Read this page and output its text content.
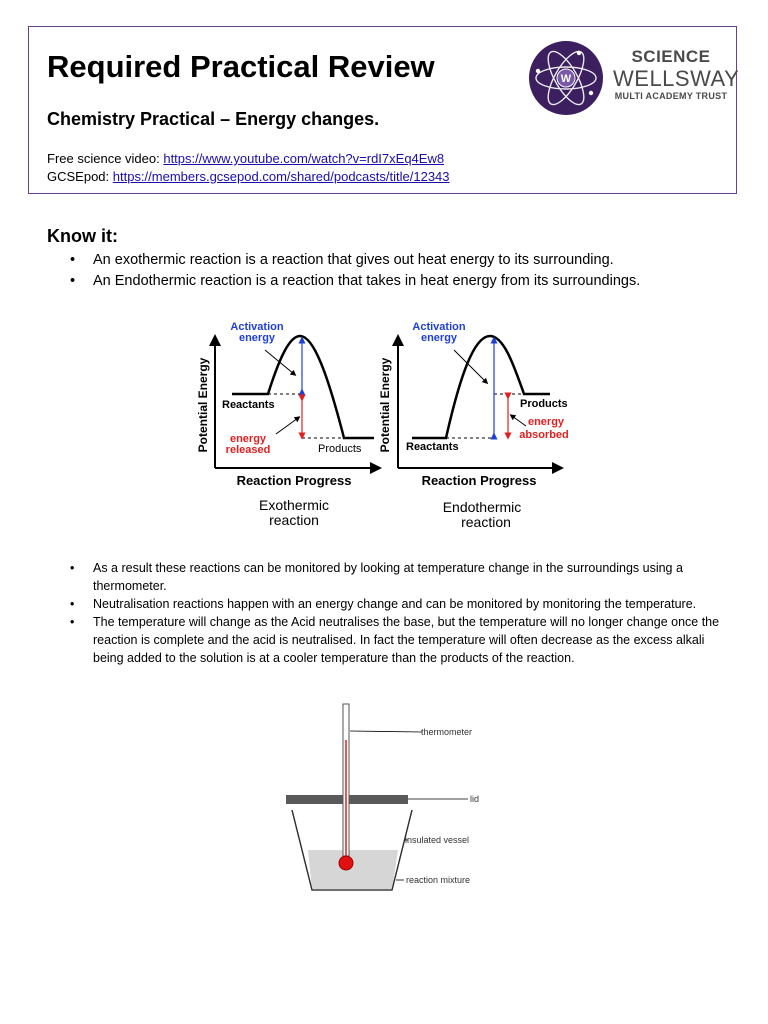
Required Practical Review
Chemistry Practical – Energy changes.
Free science video: https://www.youtube.com/watch?v=rdI7xEq4Ew8
GCSEpod: https://members.gcsepod.com/shared/podcasts/title/12343
W
SCIENCE
WELLSWAY
MULTI ACADEMY TRUST
Know it:
• An exothermic reaction is a reaction that gives out heat energy to its surrounding.
• An Endothermic reaction is a reaction that takes in heat energy from its surroundings.
Activation
energy
Reactants
Products
energy
released
Potential Energy
Reaction Progress
Exothermic
reaction
Activation
energy
Reactants
Products
energy
absorbed
Potential Energy
Reaction Progress
Endothermic
reaction
• As a result these reactions can be monitored by looking at temperature change in the surroundings using a thermometer.
• Neutralisation reactions happen with an energy change and can be monitored by monitoring the temperature.
• The temperature will change as the Acid neutralises the base, but the temperature will no longer change once the reaction is complete and the acid is neutralised. In fact the temperature will often decrease as the excess alkali being added to the solution is at a cooler temperature than the products of the reaction.
thermometer
lid
insulated vessel
reaction mixture
